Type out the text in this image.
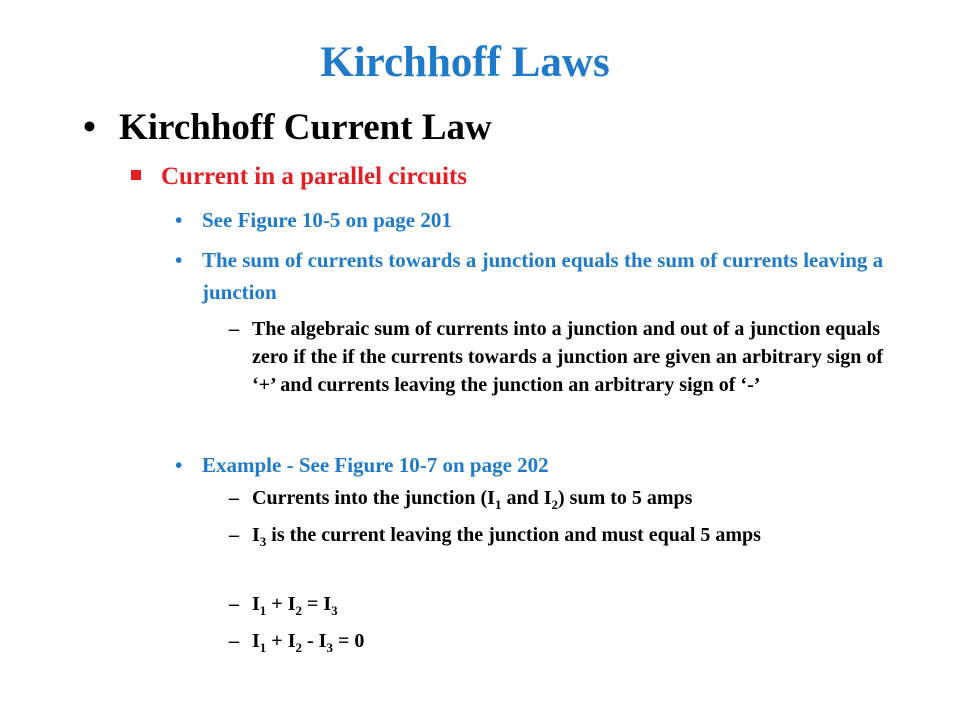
Kirchhoff Laws
• Kirchhoff Current Law
Current in a parallel circuits
• See Figure 10-5 on page 201
• The sum of currents towards a junction equals the sum of currents leaving a junction
– The algebraic sum of currents into a junction and out of a junction equals zero if the if the currents towards a junction are given an arbitrary sign of ‘+’ and currents leaving the junction an arbitrary sign of ‘-’
• Example - See Figure 10-7 on page 202
– Currents into the junction ($I_1$ and $I_2$) sum to 5 amps
– $I_3$ is the current leaving the junction and must equal 5 amps
– $I_1 + I_2 = I_3$
– $I_1 + I_2 - I_3 = 0$
